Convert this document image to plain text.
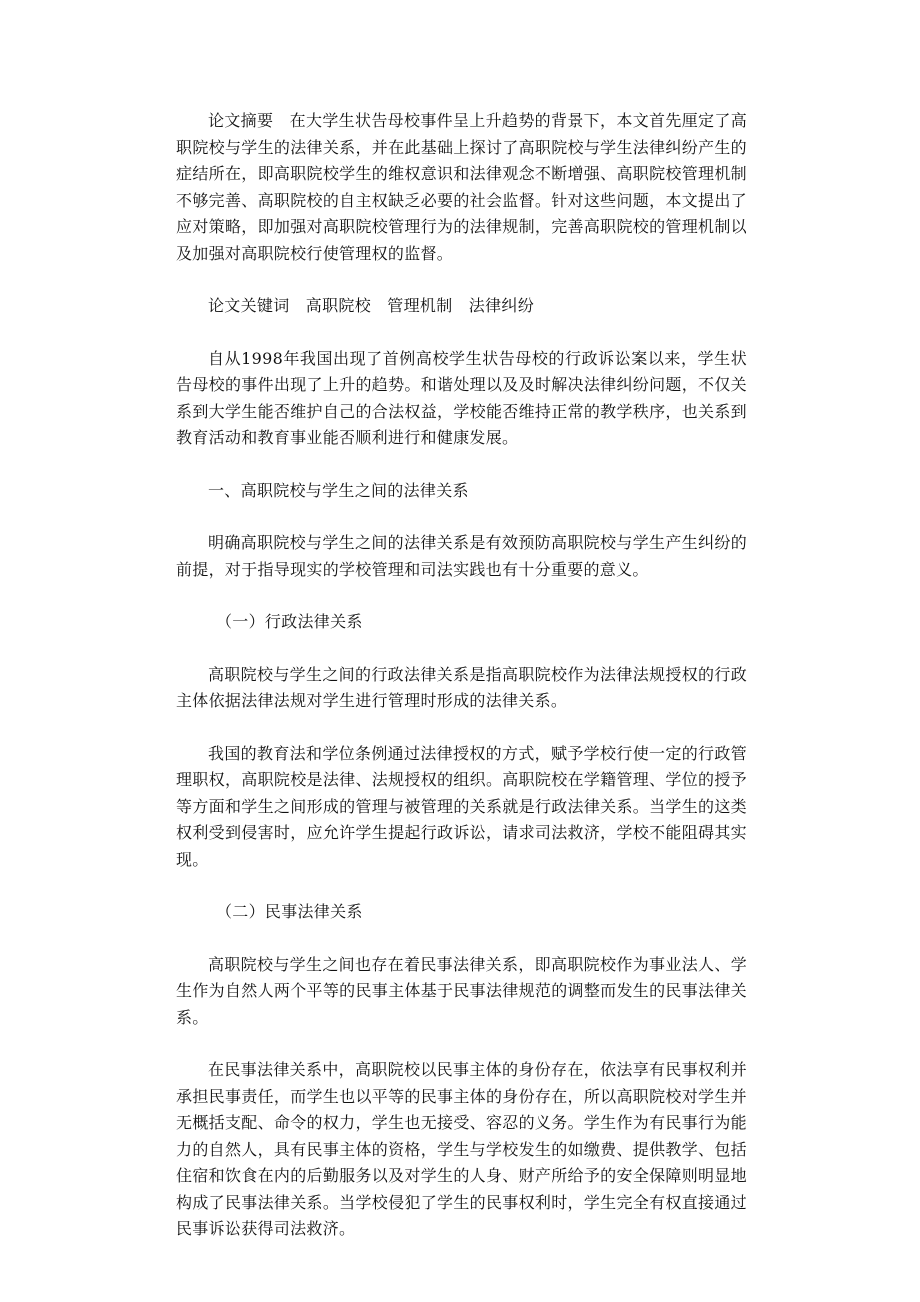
论文摘要　在大学生状告母校事件呈上升趋势的背景下，本文首先厘定了高职院校与学生的法律关系，并在此基础上探讨了高职院校与学生法律纠纷产生的症结所在，即高职院校学生的维权意识和法律观念不断增强、高职院校管理机制不够完善、高职院校的自主权缺乏必要的社会监督。针对这些问题，本文提出了应对策略，即加强对高职院校管理行为的法律规制，完善高职院校的管理机制以及加强对高职院校行使管理权的监督。

论文关键词　高职院校　管理机制　法律纠纷

自从1998年我国出现了首例高校学生状告母校的行政诉讼案以来，学生状告母校的事件出现了上升的趋势。和谐处理以及及时解决法律纠纷问题，不仅关系到大学生能否维护自己的合法权益，学校能否维持正常的教学秩序，也关系到教育活动和教育事业能否顺利进行和健康发展。

一、高职院校与学生之间的法律关系

明确高职院校与学生之间的法律关系是有效预防高职院校与学生产生纠纷的前提，对于指导现实的学校管理和司法实践也有十分重要的意义。

（一）行政法律关系

高职院校与学生之间的行政法律关系是指高职院校作为法律法规授权的行政主体依据法律法规对学生进行管理时形成的法律关系。

我国的教育法和学位条例通过法律授权的方式，赋予学校行使一定的行政管理职权，高职院校是法律、法规授权的组织。高职院校在学籍管理、学位的授予等方面和学生之间形成的管理与被管理的关系就是行政法律关系。当学生的这类权利受到侵害时，应允许学生提起行政诉讼，请求司法救济，学校不能阻碍其实现。

（二）民事法律关系

高职院校与学生之间也存在着民事法律关系，即高职院校作为事业法人、学生作为自然人两个平等的民事主体基于民事法律规范的调整而发生的民事法律关系。

在民事法律关系中，高职院校以民事主体的身份存在，依法享有民事权利并承担民事责任，而学生也以平等的民事主体的身份存在，所以高职院校对学生并无概括支配、命令的权力，学生也无接受、容忍的义务。学生作为有民事行为能力的自然人，具有民事主体的资格，学生与学校发生的如缴费、提供教学、包括住宿和饮食在内的后勤服务以及对学生的人身、财产所给予的安全保障则明显地构成了民事法律关系。当学校侵犯了学生的民事权利时，学生完全有权直接通过民事诉讼获得司法救济。
